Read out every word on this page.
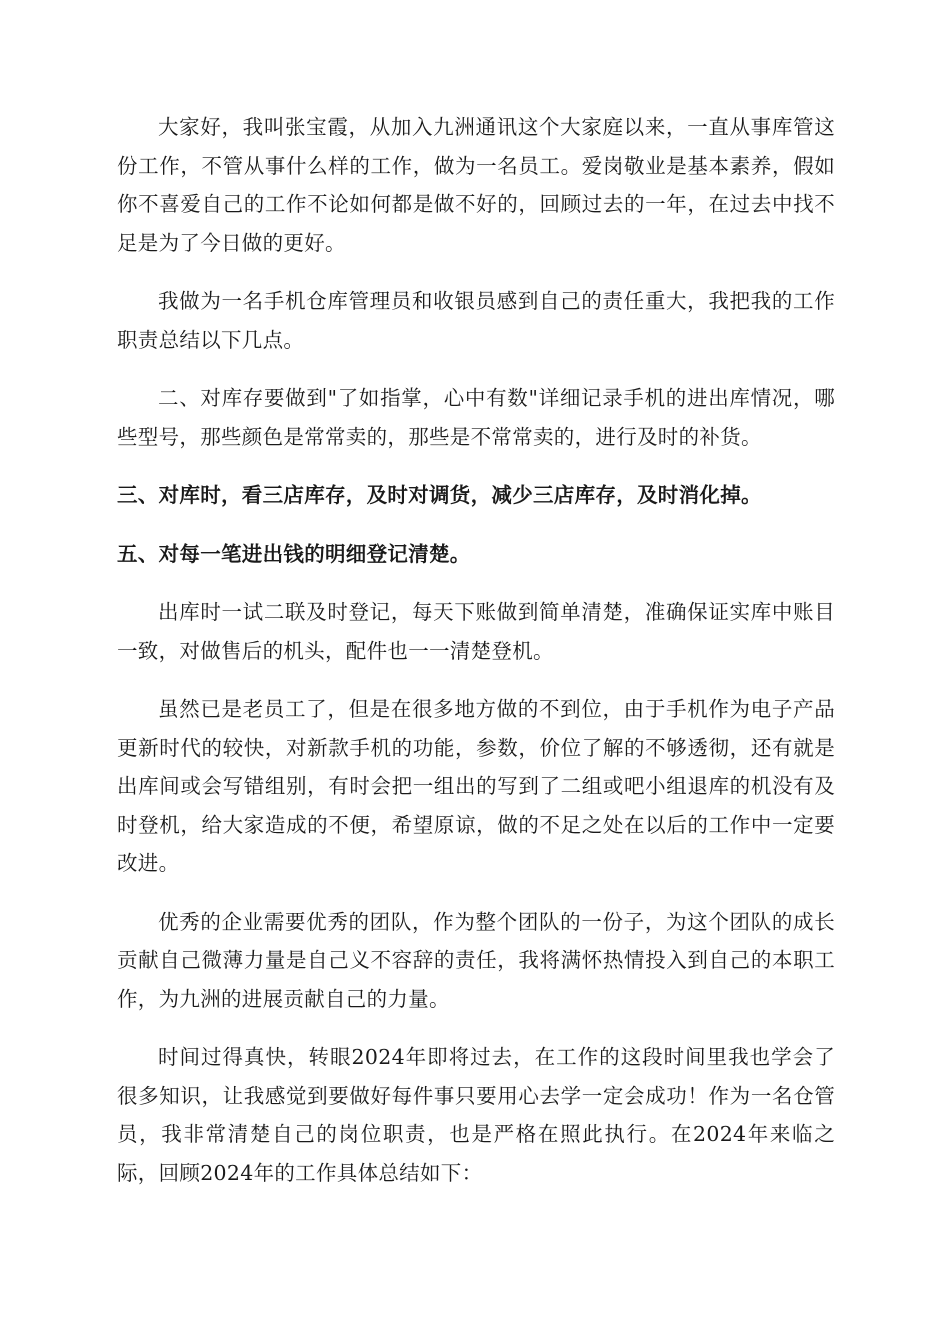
大家好，我叫张宝霞，从加入九洲通讯这个大家庭以来，一直从事库管这份工作，不管从事什么样的工作，做为一名员工。爱岗敬业是基本素养，假如你不喜爱自己的工作不论如何都是做不好的，回顾过去的一年，在过去中找不足是为了今日做的更好。

我做为一名手机仓库管理员和收银员感到自己的责任重大，我把我的工作职责总结以下几点。

二、对库存要做到"了如指掌，心中有数"详细记录手机的进出库情况，哪些型号，那些颜色是常常卖的，那些是不常常卖的，进行及时的补货。

三、对库时，看三店库存，及时对调货，减少三店库存，及时消化掉。

五、对每一笔进出钱的明细登记清楚。

出库时一试二联及时登记，每天下账做到简单清楚，准确保证实库中账目一致，对做售后的机头，配件也一一清楚登机。

虽然已是老员工了，但是在很多地方做的不到位，由于手机作为电子产品更新时代的较快，对新款手机的功能，参数，价位了解的不够透彻，还有就是出库间或会写错组别，有时会把一组出的写到了二组或吧小组退库的机没有及时登机，给大家造成的不便，希望原谅，做的不足之处在以后的工作中一定要改进。

优秀的企业需要优秀的团队，作为整个团队的一份子，为这个团队的成长贡献自己微薄力量是自己义不容辞的责任，我将满怀热情投入到自己的本职工作，为九洲的进展贡献自己的力量。

时间过得真快，转眼2024年即将过去，在工作的这段时间里我也学会了很多知识，让我感觉到要做好每件事只要用心去学一定会成功！作为一名仓管员，我非常清楚自己的岗位职责，也是严格在照此执行。在2024年来临之际，回顾2024年的工作具体总结如下：
